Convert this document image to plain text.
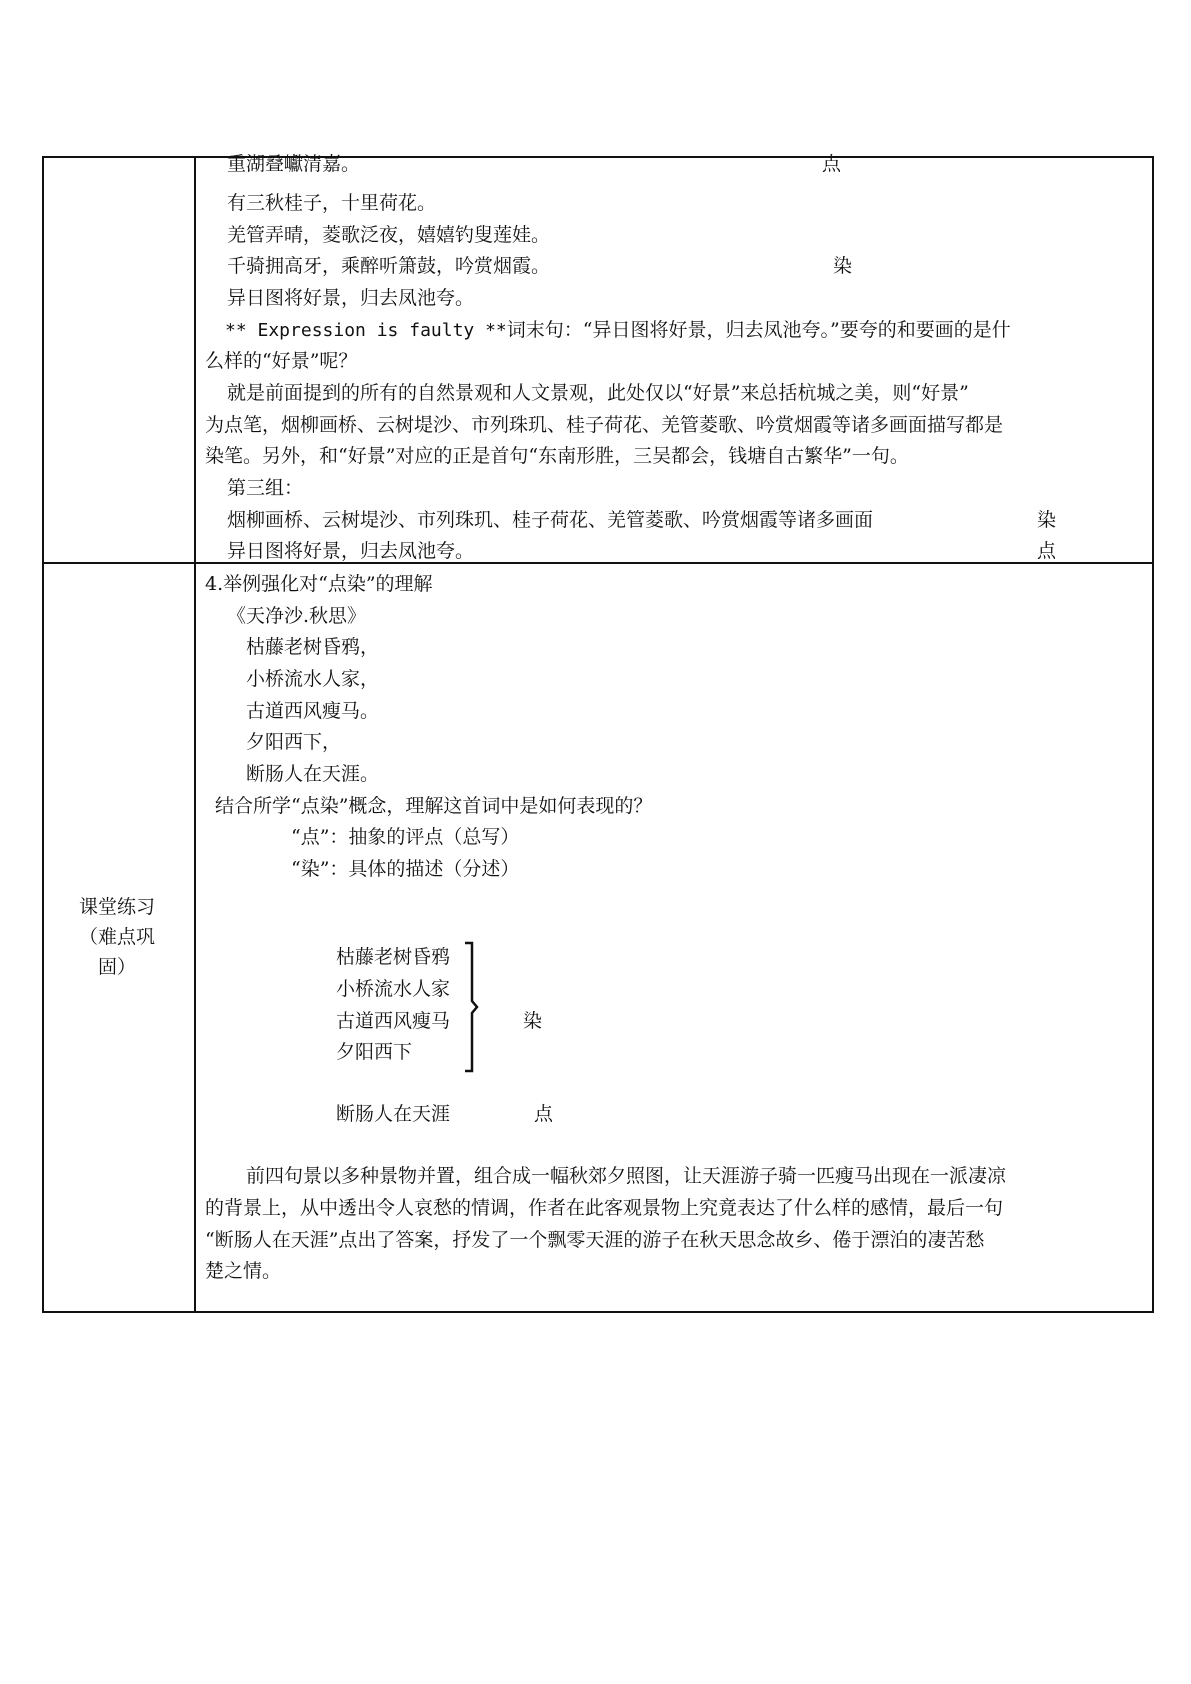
重湖叠巘清嘉。	点
有三秋桂子，十里荷花。
羌管弄晴，菱歌泛夜，嬉嬉钓叟莲娃。
千骑拥高牙，乘醉听箫鼓，吟赏烟霞。	染
异日图将好景，归去凤池夸。
** Expression is faulty **词末句：“异日图将好景，归去凤池夸。”要夸的和要画的是什
么样的“好景”呢？
就是前面提到的所有的自然景观和人文景观，此处仅以“好景”来总括杭城之美，则“好景”
为点笔，烟柳画桥、云树堤沙、市列珠玑、桂子荷花、羌管菱歌、吟赏烟霞等诸多画面描写都是
染笔。另外，和“好景”对应的正是首句“东南形胜，三吴都会，钱塘自古繁华”一句。
第三组：
烟柳画桥、云树堤沙、市列珠玑、桂子荷花、羌管菱歌、吟赏烟霞等诸多画面	染
异日图将好景，归去凤池夸。	点
课堂练习
（难点巩
固）
4.举例强化对“点染”的理解
《天净沙.秋思》
枯藤老树昏鸦，
小桥流水人家，
古道西风瘦马。
夕阳西下，
断肠人在天涯。
结合所学“点染”概念，理解这首词中是如何表现的？
“点”：抽象的评点（总写）
“染”：具体的描述（分述）
枯藤老树昏鸦
小桥流水人家
古道西风瘦马
夕阳西下
染
断肠人在天涯	点
前四句景以多种景物并置，组合成一幅秋郊夕照图，让天涯游子骑一匹瘦马出现在一派凄凉
的背景上，从中透出令人哀愁的情调，作者在此客观景物上究竟表达了什么样的感情，最后一句
“断肠人在天涯”点出了答案，抒发了一个飘零天涯的游子在秋天思念故乡、倦于漂泊的凄苦愁
楚之情。
